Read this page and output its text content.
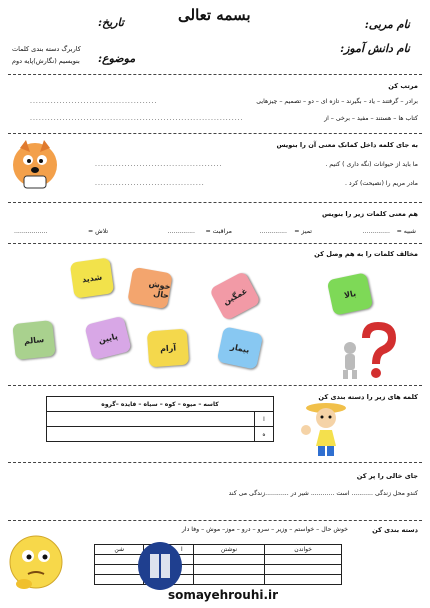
بسمه تعالی
نام مربی:
نام دانش آموز:
تاریخ:
موضوع:
کاربرگ دسته بندی کلمات
بنویسیم (نگارش)پایه دوم
مرتب کن
برادر – گرفتند – یاد – بگیرند – تازه ای – دو – تصمیم – چیزهایی
...........................................
کتاب ها – هستند – مفید – برخی – از
........................................................................
به جای کلمه داخل کمانک معنی آن را بنویس
ما باید از حیوانات (نگه داری ) کنیم .
...........................................
مادر مریم را (نصیحت) کرد .
.....................................
هم معنی کلمات زیر را بنویس
شبیه =
..............
تمیز =
..............
مراقبت =
..............
تلاش =
.................
مخالف کلمات را به هم وصل کن
بالا
غمگین
خوش حال
شدید
سالم	پایین
آرام	بیمار
کلمه های زیر را دسته بندی کن
کاسه – میوه – کوه – سیاه – فایده –گروه	
ا	
ه	
جای خالی را پر کن
کندو محل زندگی ........... است ............ شیر در ............زندگی می کند
دسته بندی کن
خوش حال – خواستم – وزیر – سرو – درو – موز– موش – وفا دار
خواندن	نوشتن	ا		شن

somayehrouhi.ir
